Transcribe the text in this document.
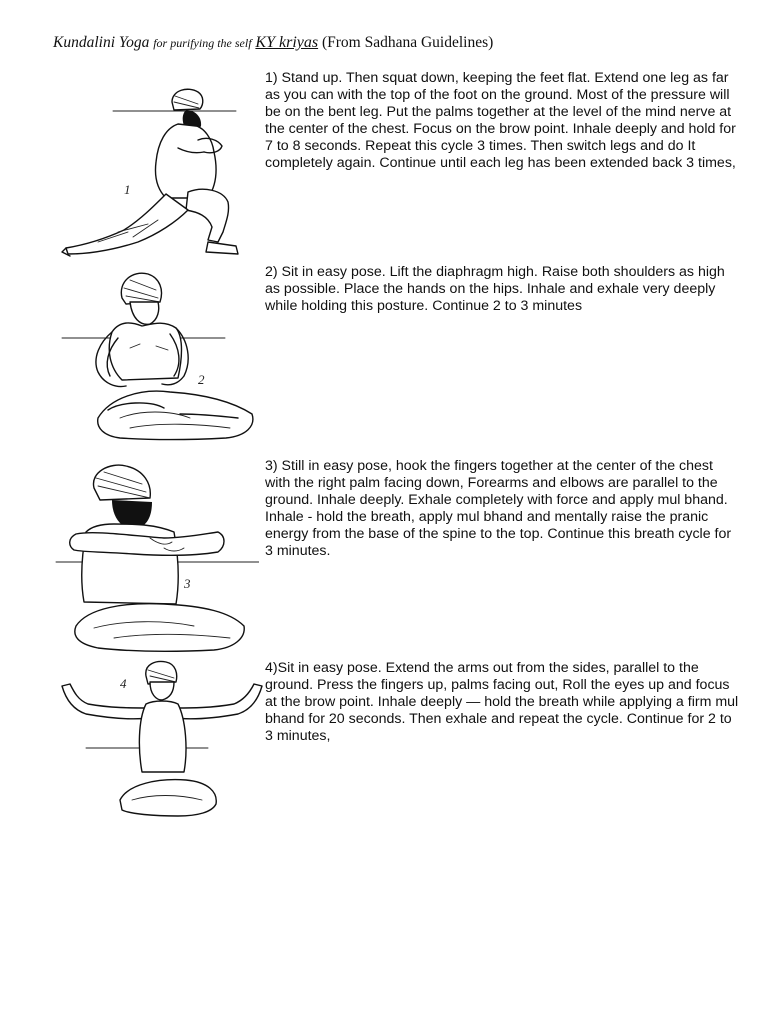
Kundalini Yoga for purifying the self KY kriyas (From Sadhana Guidelines)
1

1) Stand up. Then squat down, keeping the feet flat. Extend one leg as far as you can with the top of the foot on the ground. Most of the pressure will be on the bent leg. Put the palms together at the level of the mind nerve at the center of the chest. Focus on the brow point. Inhale deeply and hold for 7 to 8 seconds. Repeat this cycle 3 times. Then switch legs and do It completely again. Continue until each leg has been extended back 3 times,

2

2) Sit in easy pose. Lift the diaphragm high. Raise both shoulders as high as possible. Place the hands on the hips. Inhale and exhale very deeply while holding this posture. Continue 2 to 3 minutes

3

3) Still in easy pose, hook the fingers together at the center of the chest with the right palm facing down, Forearms and elbows are parallel to the ground. Inhale deeply. Exhale completely with force and apply mul bhand. Inhale - hold the breath, apply mul bhand and mentally raise the pranic energy from the base of the spine to the top. Continue this breath cycle for 3 minutes.

4

4)Sit in easy pose. Extend the arms out from the sides, parallel to the ground. Press the fingers up, palms facing out, Roll the eyes up and focus at the brow point. Inhale deeply — hold the breath while applying a firm mul bhand for 20 seconds. Then exhale and repeat the cycle. Continue for 2 to 3 minutes,
